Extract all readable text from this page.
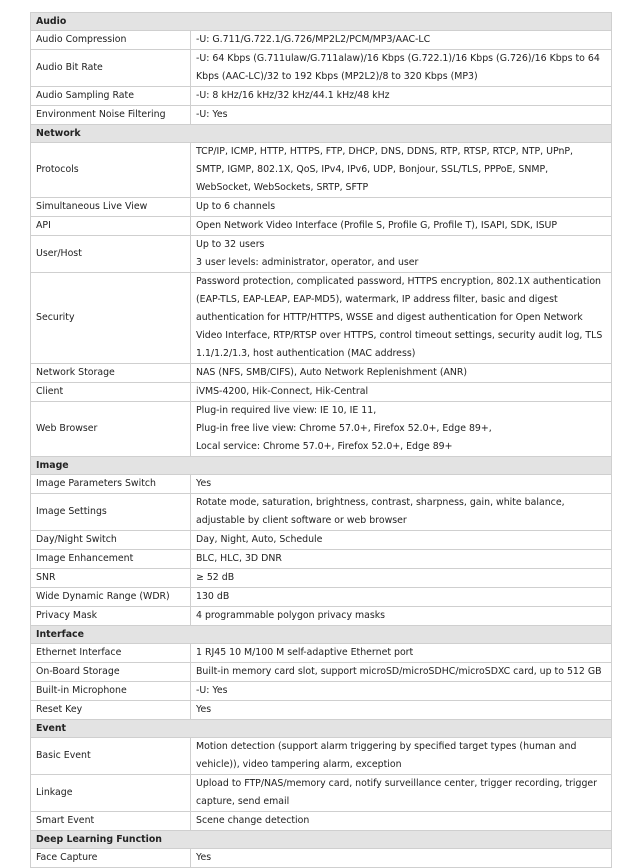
Audio	
Audio Compression	-U: G.711/G.722.1/G.726/MP2L2/PCM/MP3/AAC-LC

Audio Bit Rate	-U: 64 Kbps (G.711ulaw/G.711alaw)/16 Kbps (G.722.1)/16 Kbps (G.726)/16 Kbps to 64
Kbps (AAC-LC)/32 to 192 Kbps (MP2L2)/8 to 320 Kbps (MP3)

Audio Sampling Rate	-U: 8 kHz/16 kHz/32 kHz/44.1 kHz/48 kHz

Environment Noise Filtering	-U: Yes

Network	
Protocols	TCP/IP, ICMP, HTTP, HTTPS, FTP, DHCP, DNS, DDNS, RTP, RTSP, RTCP, NTP, UPnP,
SMTP, IGMP, 802.1X, QoS, IPv4, IPv6, UDP, Bonjour, SSL/TLS, PPPoE, SNMP,
WebSocket, WebSockets, SRTP, SFTP

Simultaneous Live View	Up to 6 channels

API	Open Network Video Interface (Profile S, Profile G, Profile T), ISAPI, SDK, ISUP

User/Host	Up to 32 users
3 user levels: administrator, operator, and user

Security	Password protection, complicated password, HTTPS encryption, 802.1X authentication
(EAP-TLS, EAP-LEAP, EAP-MD5), watermark, IP address filter, basic and digest
authentication for HTTP/HTTPS, WSSE and digest authentication for Open Network
Video Interface, RTP/RTSP over HTTPS, control timeout settings, security audit log, TLS
1.1/1.2/1.3, host authentication (MAC address)

Network Storage	NAS (NFS, SMB/CIFS), Auto Network Replenishment (ANR)

Client	iVMS-4200, Hik-Connect, Hik-Central

Web Browser	Plug-in required live view: IE 10, IE 11,
Plug-in free live view: Chrome 57.0+, Firefox 52.0+, Edge 89+,
Local service: Chrome 57.0+, Firefox 52.0+, Edge 89+

Image	
Image Parameters Switch	Yes

Image Settings	Rotate mode, saturation, brightness, contrast, sharpness, gain, white balance,
adjustable by client software or web browser

Day/Night Switch	Day, Night, Auto, Schedule

Image Enhancement	BLC, HLC, 3D DNR

SNR	≥ 52 dB

Wide Dynamic Range (WDR)	130 dB

Privacy Mask	4 programmable polygon privacy masks

Interface	
Ethernet Interface	1 RJ45 10 M/100 M self-adaptive Ethernet port

On-Board Storage	Built-in memory card slot, support microSD/microSDHC/microSDXC card, up to 512 GB

Built-in Microphone	-U: Yes

Reset Key	Yes

Event	
Basic Event	Motion detection (support alarm triggering by specified target types (human and
vehicle)), video tampering alarm, exception

Linkage	Upload to FTP/NAS/memory card, notify surveillance center, trigger recording, trigger
capture, send email

Smart Event	Scene change detection

Deep Learning Function	
Face Capture	Yes
